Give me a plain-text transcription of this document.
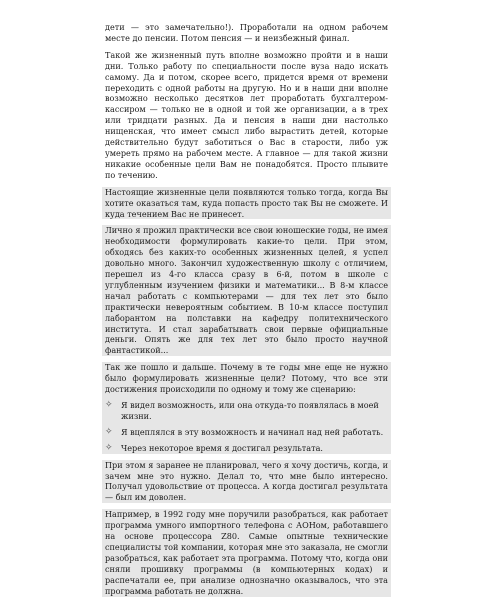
дети — это замечательно!). Проработали на одном рабочем месте до пенсии. Потом пенсия — и неизбежный финал.

Такой же жизненный путь вполне возможно пройти и в наши дни. Только работу по специальности после вуза надо искать самому. Да и потом, скорее всего, придется время от времени переходить с одной работы на другую. Но и в наши дни вполне возможно несколько десятков лет проработать бухгалтером-кассиром — только не в одной и той же организации, а в трех или тридцати разных. Да и пенсия в наши дни настолько нищенская, что имеет смысл либо вырастить детей, которые действительно будут заботиться о Вас в старости, либо уж умереть прямо на рабочем месте. А главное — для такой жизни никакие особенные цели Вам не понадобятся. Просто плывите по течению.

Настоящие жизненные цели появляются только тогда, когда Вы хотите оказаться там, куда попасть просто так Вы не сможете. И куда течением Вас не принесет.

Лично я прожил практически все свои юношеские годы, не имея необходимости формулировать какие-то цели. При этом, обходясь без каких-то особенных жизненных целей, я успел довольно много. Закончил художественную школу с отличием, перешел из 4-го класса сразу в 6-й, потом в школе с углубленным изучением физики и математики... В 8-м классе начал работать с компьютерами — для тех лет это было практически невероятным событием. В 10-м классе поступил лаборантом на полставки на кафедру политехнического института. И стал зарабатывать свои первые официальные деньги. Опять же для тех лет это было просто научной фантастикой...

Так же пошло и дальше. Почему в те годы мне еще не нужно было формулировать жизненные цели? Потому, что все эти достижения происходили по одному и тому же сценарию:

✧	Я видел возможность, или она откуда-то появлялась в моей жизни.
✧	Я вцеплялся в эту возможность и начинал над ней работать.
✧	Через некоторое время я достигал результата.

При этом я заранее не планировал, чего я хочу достичь, когда, и зачем мне это нужно. Делал то, что мне было интересно. Получал удовольствие от процесса. А когда достигал результата — был им доволен.

Например, в 1992 году мне поручили разобраться, как работает программа умного импортного телефона с АОНом, работавшего на основе процессора Z80. Самые опытные технические специалисты той компании, которая мне это заказала, не смогли разобраться, как работает эта программа. Потому что, когда они сняли прошивку программы (в компьютерных кодах) и распечатали ее, при анализе однозначно оказывалось, что эта программа работать не должна.
